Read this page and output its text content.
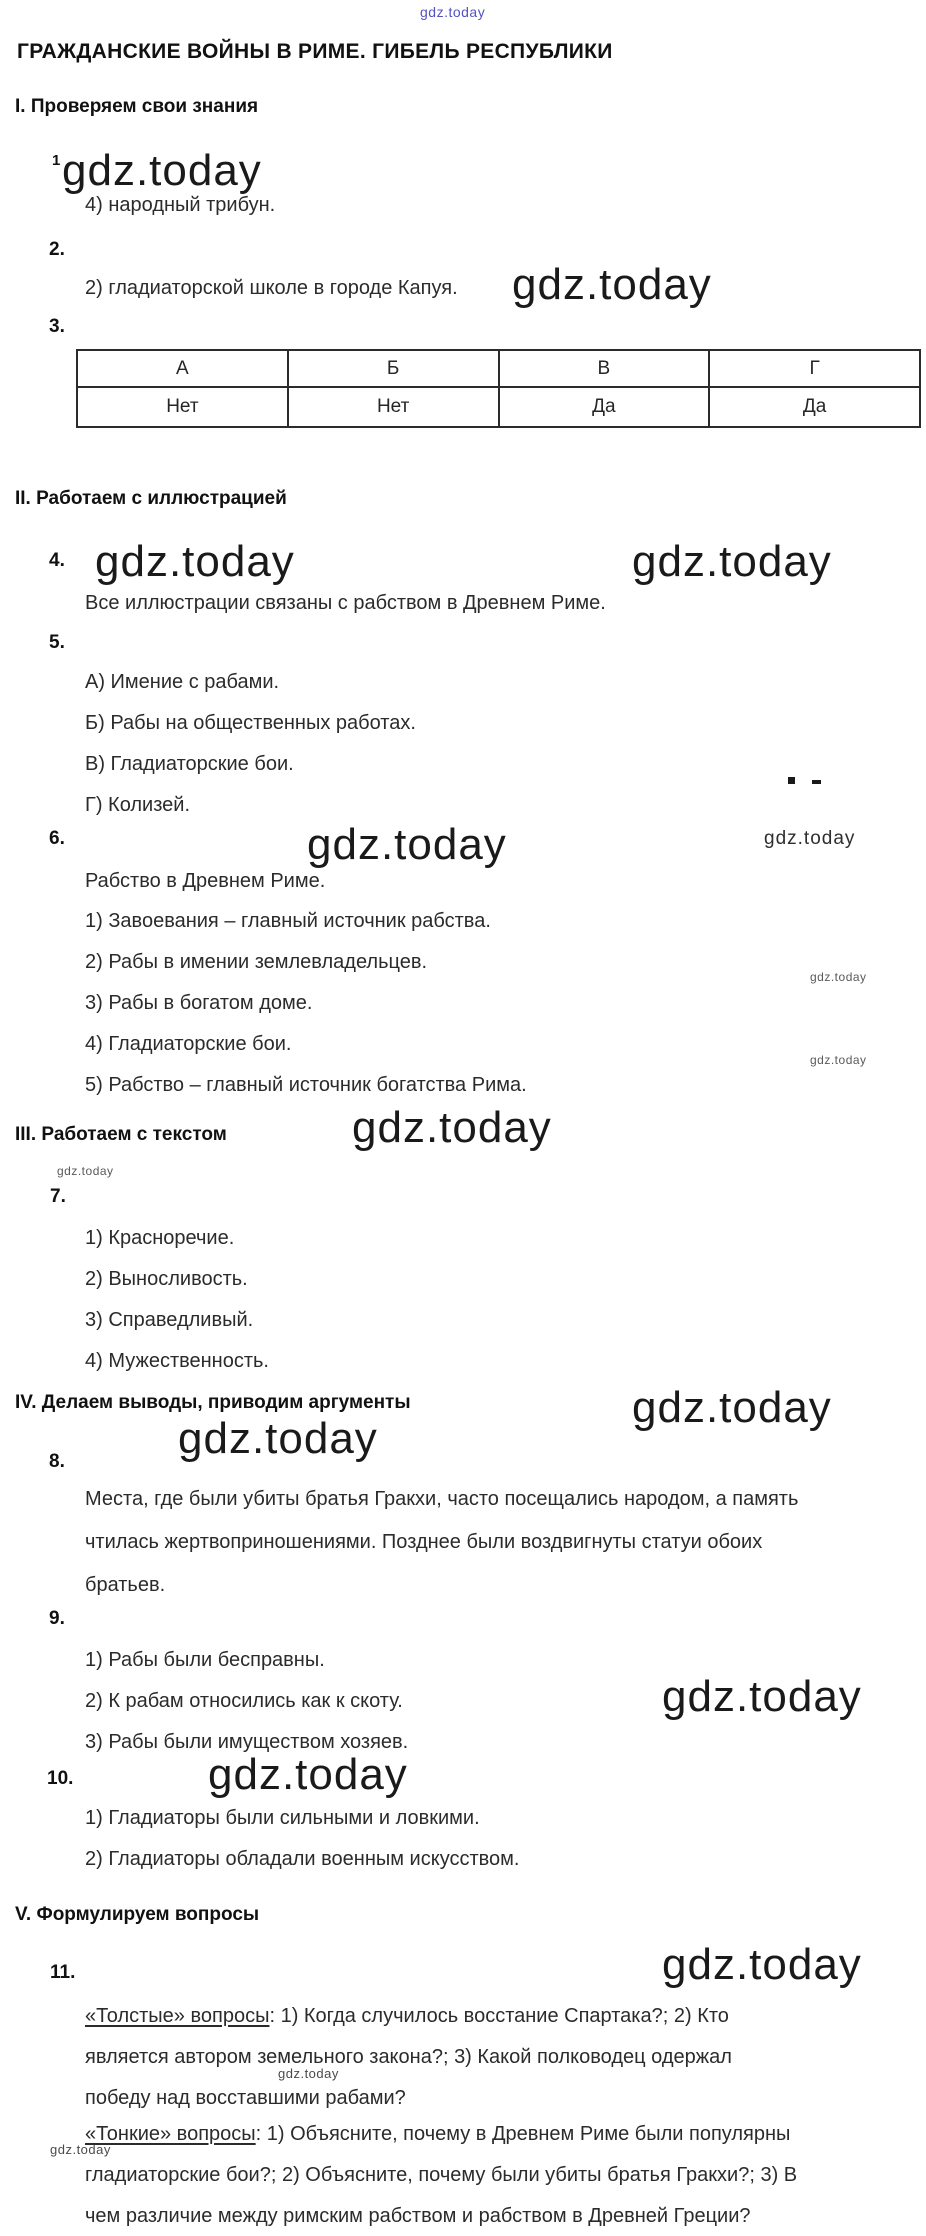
gdz.today
ГРАЖДАНСКИЕ ВОЙНЫ В РИМЕ. ГИБЕЛЬ РЕСПУБЛИКИ
I. Проверяем свои знания
1 gdz.today
4) народный трибун.
2.
2) гладиаторской школе в городе Капуя. gdz.today
3.
А	Б	В	Г
Нет	Нет	Да	Да
II. Работаем с иллюстрацией
4. gdz.today	gdz.today
Все иллюстрации связаны с рабством в Древнем Риме.
5.
А) Имение с рабами.
Б) Рабы на общественных работах.
В) Гладиаторские бои.
Г) Колизей.
6.	gdz.today	gdz.today
Рабство в Древнем Риме.
1) Завоевания – главный источник рабства.
2) Рабы в имении землевладельцев.
3) Рабы в богатом доме.
4) Гладиаторские бои.
5) Рабство – главный источник богатства Рима.
gdz.today
gdz.today
III. Работаем с текстом	gdz.today
gdz.today
7.
1) Красноречие.
2) Выносливость.
3) Справедливый.
4) Мужественность.
IV. Делаем выводы, приводим аргументы	gdz.today
gdz.today
8.
Места, где были убиты братья Гракхи, часто посещались народом, а память
чтилась жертвоприношениями. Позднее были воздвигнуты статуи обоих
братьев.
9.
1) Рабы были бесправны.
2) К рабам относились как к скоту.
3) Рабы были имуществом хозяев.
gdz.today
10.	gdz.today
1) Гладиаторы были сильными и ловкими.
2) Гладиаторы обладали военным искусством.
V. Формулируем вопросы
11.	gdz.today
«Толстые» вопросы: 1) Когда случилось восстание Спартака?; 2) Кто
является автором земельного закона?; 3) Какой полководец одержал
победу над восставшими рабами?
gdz.today
«Тонкие» вопросы: 1) Объясните, почему в Древнем Риме были популярны
гладиаторские бои?; 2) Объясните, почему были убиты братья Гракхи?; 3) В
чем различие между римским рабством и рабством в Древней Греции?
gdz.today
